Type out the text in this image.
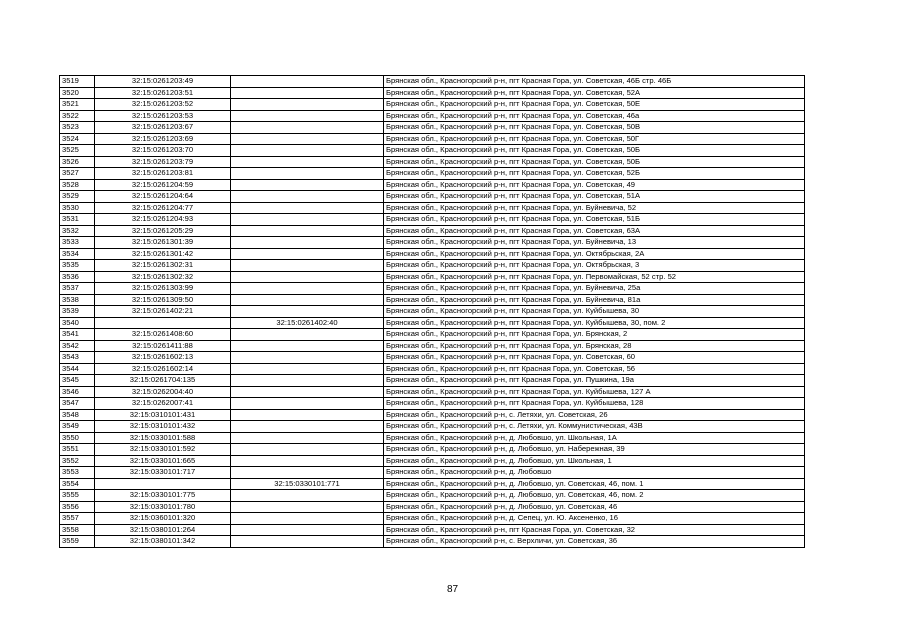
3519	32:15:0261203:49		Брянская обл., Красногорский р-н, пгт Красная Гора, ул. Советская, 46Б стр. 46Б
3520	32:15:0261203:51		Брянская обл., Красногорский р-н, пгт Красная Гора, ул. Советская, 52А
3521	32:15:0261203:52		Брянская обл., Красногорский р-н, пгт Красная Гора, ул. Советская, 50Е
3522	32:15:0261203:53		Брянская обл., Красногорский р-н, пгт Красная Гора, ул. Советская, 46а
3523	32:15:0261203:67		Брянская обл., Красногорский р-н, пгт Красная Гора, ул. Советская, 50В
3524	32:15:0261203:69		Брянская обл., Красногорский р-н, пгт Красная Гора, ул. Советская, 50Г
3525	32:15:0261203:70		Брянская обл., Красногорский р-н, пгт Красная Гора, ул. Советская, 50Б
3526	32:15:0261203:79		Брянская обл., Красногорский р-н, пгт Красная Гора, ул. Советская, 50Б
3527	32:15:0261203:81		Брянская обл., Красногорский р-н, пгт Красная Гора, ул. Советская, 52Б
3528	32:15:0261204:59		Брянская обл., Красногорский р-н, пгт Красная Гора, ул. Советская, 49
3529	32:15:0261204:64		Брянская обл., Красногорский р-н, пгт Красная Гора, ул. Советская, 51А
3530	32:15:0261204:77		Брянская обл., Красногорский р-н, пгт Красная Гора, ул. Буйневича, 52
3531	32:15:0261204:93		Брянская обл., Красногорский р-н, пгт Красная Гора, ул. Советская, 51Б
3532	32:15:0261205:29		Брянская обл., Красногорский р-н, пгт Красная Гора, ул. Советская, 63А
3533	32:15:0261301:39		Брянская обл., Красногорский р-н, пгт Красная Гора, ул. Буйневича, 13
3534	32:15:0261301:42		Брянская обл., Красногорский р-н, пгт Красная Гора, ул. Октябрьская, 2А
3535	32:15:0261302:31		Брянская обл., Красногорский р-н, пгт Красная Гора, ул. Октябрьская, 3
3536	32:15:0261302:32		Брянская обл., Красногорский р-н, пгт Красная Гора, ул. Первомайская, 52 стр. 52
3537	32:15:0261303:99		Брянская обл., Красногорский р-н, пгт Красная Гора, ул. Буйневича, 25а
3538	32:15:0261309:50		Брянская обл., Красногорский р-н, пгт Красная Гора, ул. Буйневича, 81а
3539	32:15:0261402:21		Брянская обл., Красногорский р-н, пгт Красная Гора, ул. Куйбышева, 30
3540		32:15:0261402:40	Брянская обл., Красногорский р-н, пгт Красная Гора, ул. Куйбышева, 30, пом. 2
3541	32:15:0261408:60		Брянская обл., Красногорский р-н, пгт Красная Гора, ул. Брянская, 2
3542	32:15:0261411:88		Брянская обл., Красногорский р-н, пгт Красная Гора, ул. Брянская, 28
3543	32:15:0261602:13		Брянская обл., Красногорский р-н, пгт Красная Гора, ул. Советская, 60
3544	32:15:0261602:14		Брянская обл., Красногорский р-н, пгт Красная Гора, ул. Советская, 56
3545	32:15:0261704:135		Брянская обл., Красногорский р-н, пгт Красная Гора, ул. Пушкина, 19а
3546	32:15:0262004:40		Брянская обл., Красногорский р-н, пгт Красная Гора, ул. Куйбышева, 127 А
3547	32:15:0262007:41		Брянская обл., Красногорский р-н, пгт Красная Гора, ул. Куйбышева, 128
3548	32:15:0310101:431		Брянская обл., Красногорский р-н, с. Летяхи, ул. Советская, 26
3549	32:15:0310101:432		Брянская обл., Красногорский р-н, с. Летяхи, ул. Коммунистическая, 43В
3550	32:15:0330101:588		Брянская обл., Красногорский р-н, д. Любовшо, ул. Школьная, 1А
3551	32:15:0330101:592		Брянская обл., Красногорский р-н, д. Любовшо, ул. Набережная, 39
3552	32:15:0330101:665		Брянская обл., Красногорский р-н, д. Любовшо, ул. Школьная, 1
3553	32:15:0330101:717		Брянская обл., Красногорский р-н, д. Любовшо
3554		32:15:0330101:771	Брянская обл., Красногорский р-н, д. Любовшо, ул. Советская, 46, пом. 1
3555	32:15:0330101:775		Брянская обл., Красногорский р-н, д. Любовшо, ул. Советская, 46, пом. 2
3556	32:15:0330101:780		Брянская обл., Красногорский р-н, д. Любовшо, ул. Советская, 46
3557	32:15:0360101:320		Брянская обл., Красногорский р-н, д. Сепец, ул. Ю. Аксененко, 16
3558	32:15:0380101:264		Брянская обл., Красногорский р-н, пгт Красная Гора, ул. Советская, 32
3559	32:15:0380101:342		Брянская обл., Красногорский р-н, с. Верхличи, ул. Советская, 36
87
